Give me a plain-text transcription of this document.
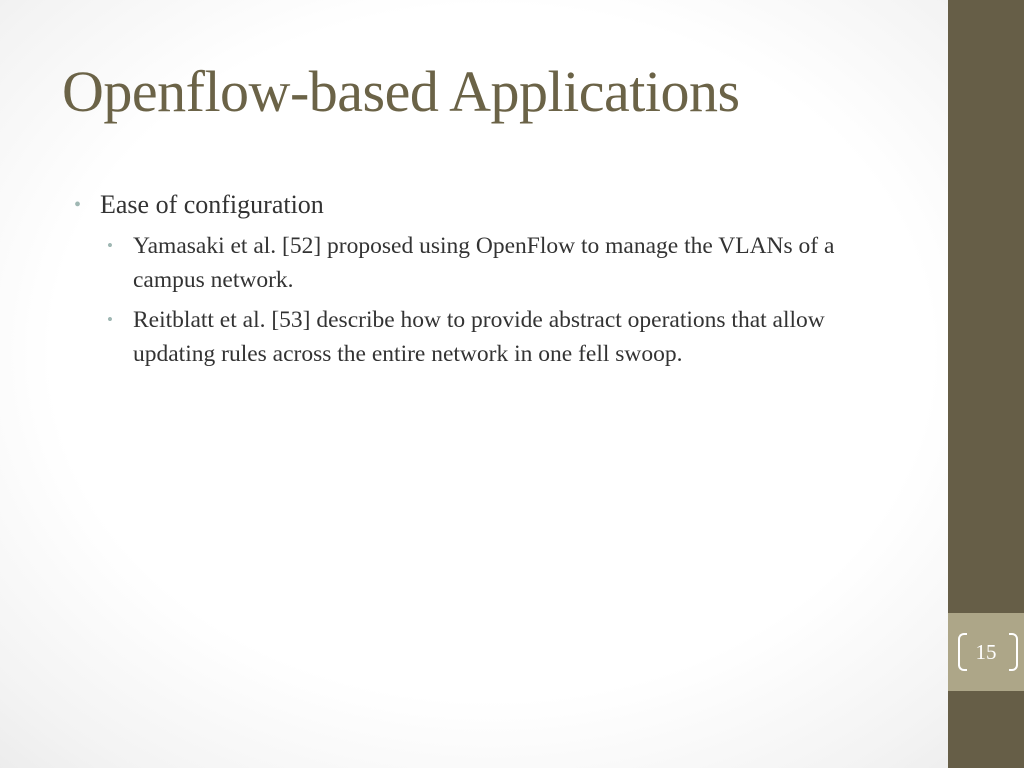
Openflow-based Applications
• Ease of configuration
• Yamasaki et al. [52] proposed using OpenFlow to manage the VLANs of a campus network.
• Reitblatt et al. [53] describe how to provide abstract operations that allow updating rules across the entire network in one fell swoop.
15
